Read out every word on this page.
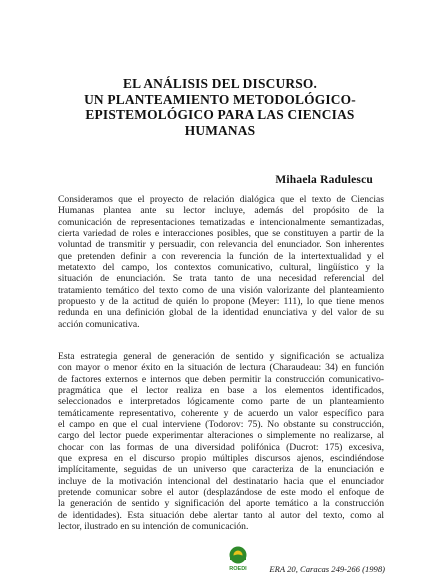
EL ANÁLISIS DEL DISCURSO.
UN PLANTEAMIENTO METODOLÓGICO-
EPISTEMOLÓGICO PARA LAS CIENCIAS
HUMANAS
Mihaela Radulescu
Consideramos que el proyecto de relación dialógica que el texto de Ciencias
Humanas plantea ante su lector incluye, además del propósito de la
comunicación de representaciones tematizadas e intencionalmente semantizadas,
cierta variedad de roles e interacciones posibles, que se constituyen a partir de la
voluntad de transmitir y persuadir, con relevancia del enunciador. Son inherentes
que pretenden definir a con reverencia la función de la intertextualidad y el
metatexto del campo, los contextos comunicativo, cultural, lingüístico y la
situación de enunciación. Se trata tanto de una necesidad referencial del
tratamiento temático del texto como de una visión valorizante del planteamiento
propuesto y de la actitud de quién lo propone (Meyer: 111), lo que tiene menos
redunda en una definición global de la identidad enunciativa y del valor de su
acción comunicativa.
Esta estrategia general de generación de sentido y significación se actualiza
con mayor o menor éxito en la situación de lectura (Charaudeau: 34) en función
de factores externos e internos que deben permitir la construcción comunicativo-
pragmática que el lector realiza en base a los elementos identificados,
seleccionados e interpretados lógicamente como parte de un planteamiento
temáticamente representativo, coherente y de acuerdo un valor específico para
el campo en que el cual interviene (Todorov: 75). No obstante su construcción,
cargo del lector puede experimentar alteraciones o simplemente no realizarse, al
chocar con las formas de una diversidad polifónica (Ducrot: 175) excesiva,
que expresa en el discurso propio múltiples discursos ajenos, escindiéndose
implícitamente, seguidas de un universo que caracteriza de la enunciación e
incluye de la motivación intencional del destinatario hacia que el enunciador
pretende comunicar sobre el autor (desplazándose de este modo el enfoque de
la generación de sentido y significación del aporte temático a la construcción
de identidades). Esta situación debe alertar tanto al autor del texto, como al
lector, ilustrado en su intención de comunicación.
ROEDI	ERA 20, Caracas 249-266 (1998)
